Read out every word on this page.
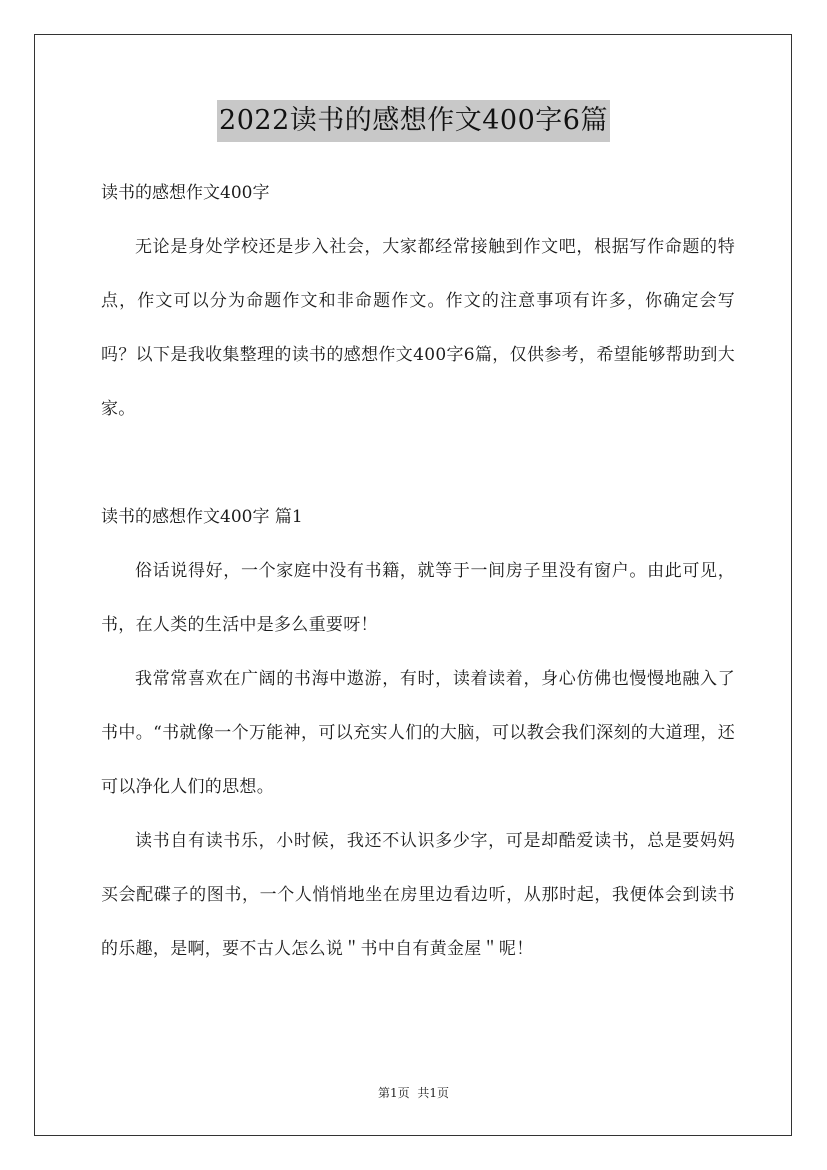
2022读书的感想作文400字6篇

读书的感想作文400字

无论是身处学校还是步入社会，大家都经常接触到作文吧，根据写作命题的特点，作文可以分为命题作文和非命题作文。作文的注意事项有许多，你确定会写吗？以下是我收集整理的读书的感想作文400字6篇，仅供参考，希望能够帮助到大家。

读书的感想作文400字 篇1

俗话说得好，一个家庭中没有书籍，就等于一间房子里没有窗户。由此可见，书，在人类的生活中是多么重要呀！

我常常喜欢在广阔的书海中遨游，有时，读着读着，身心仿佛也慢慢地融入了书中。“书就像一个万能神，可以充实人们的大脑，可以教会我们深刻的大道理，还可以净化人们的思想。

读书自有读书乐，小时候，我还不认识多少字，可是却酷爱读书，总是要妈妈买会配碟子的图书，一个人悄悄地坐在房里边看边听，从那时起，我便体会到读书的乐趣，是啊，要不古人怎么说＂书中自有黄金屋＂呢！

第1页 共1页
